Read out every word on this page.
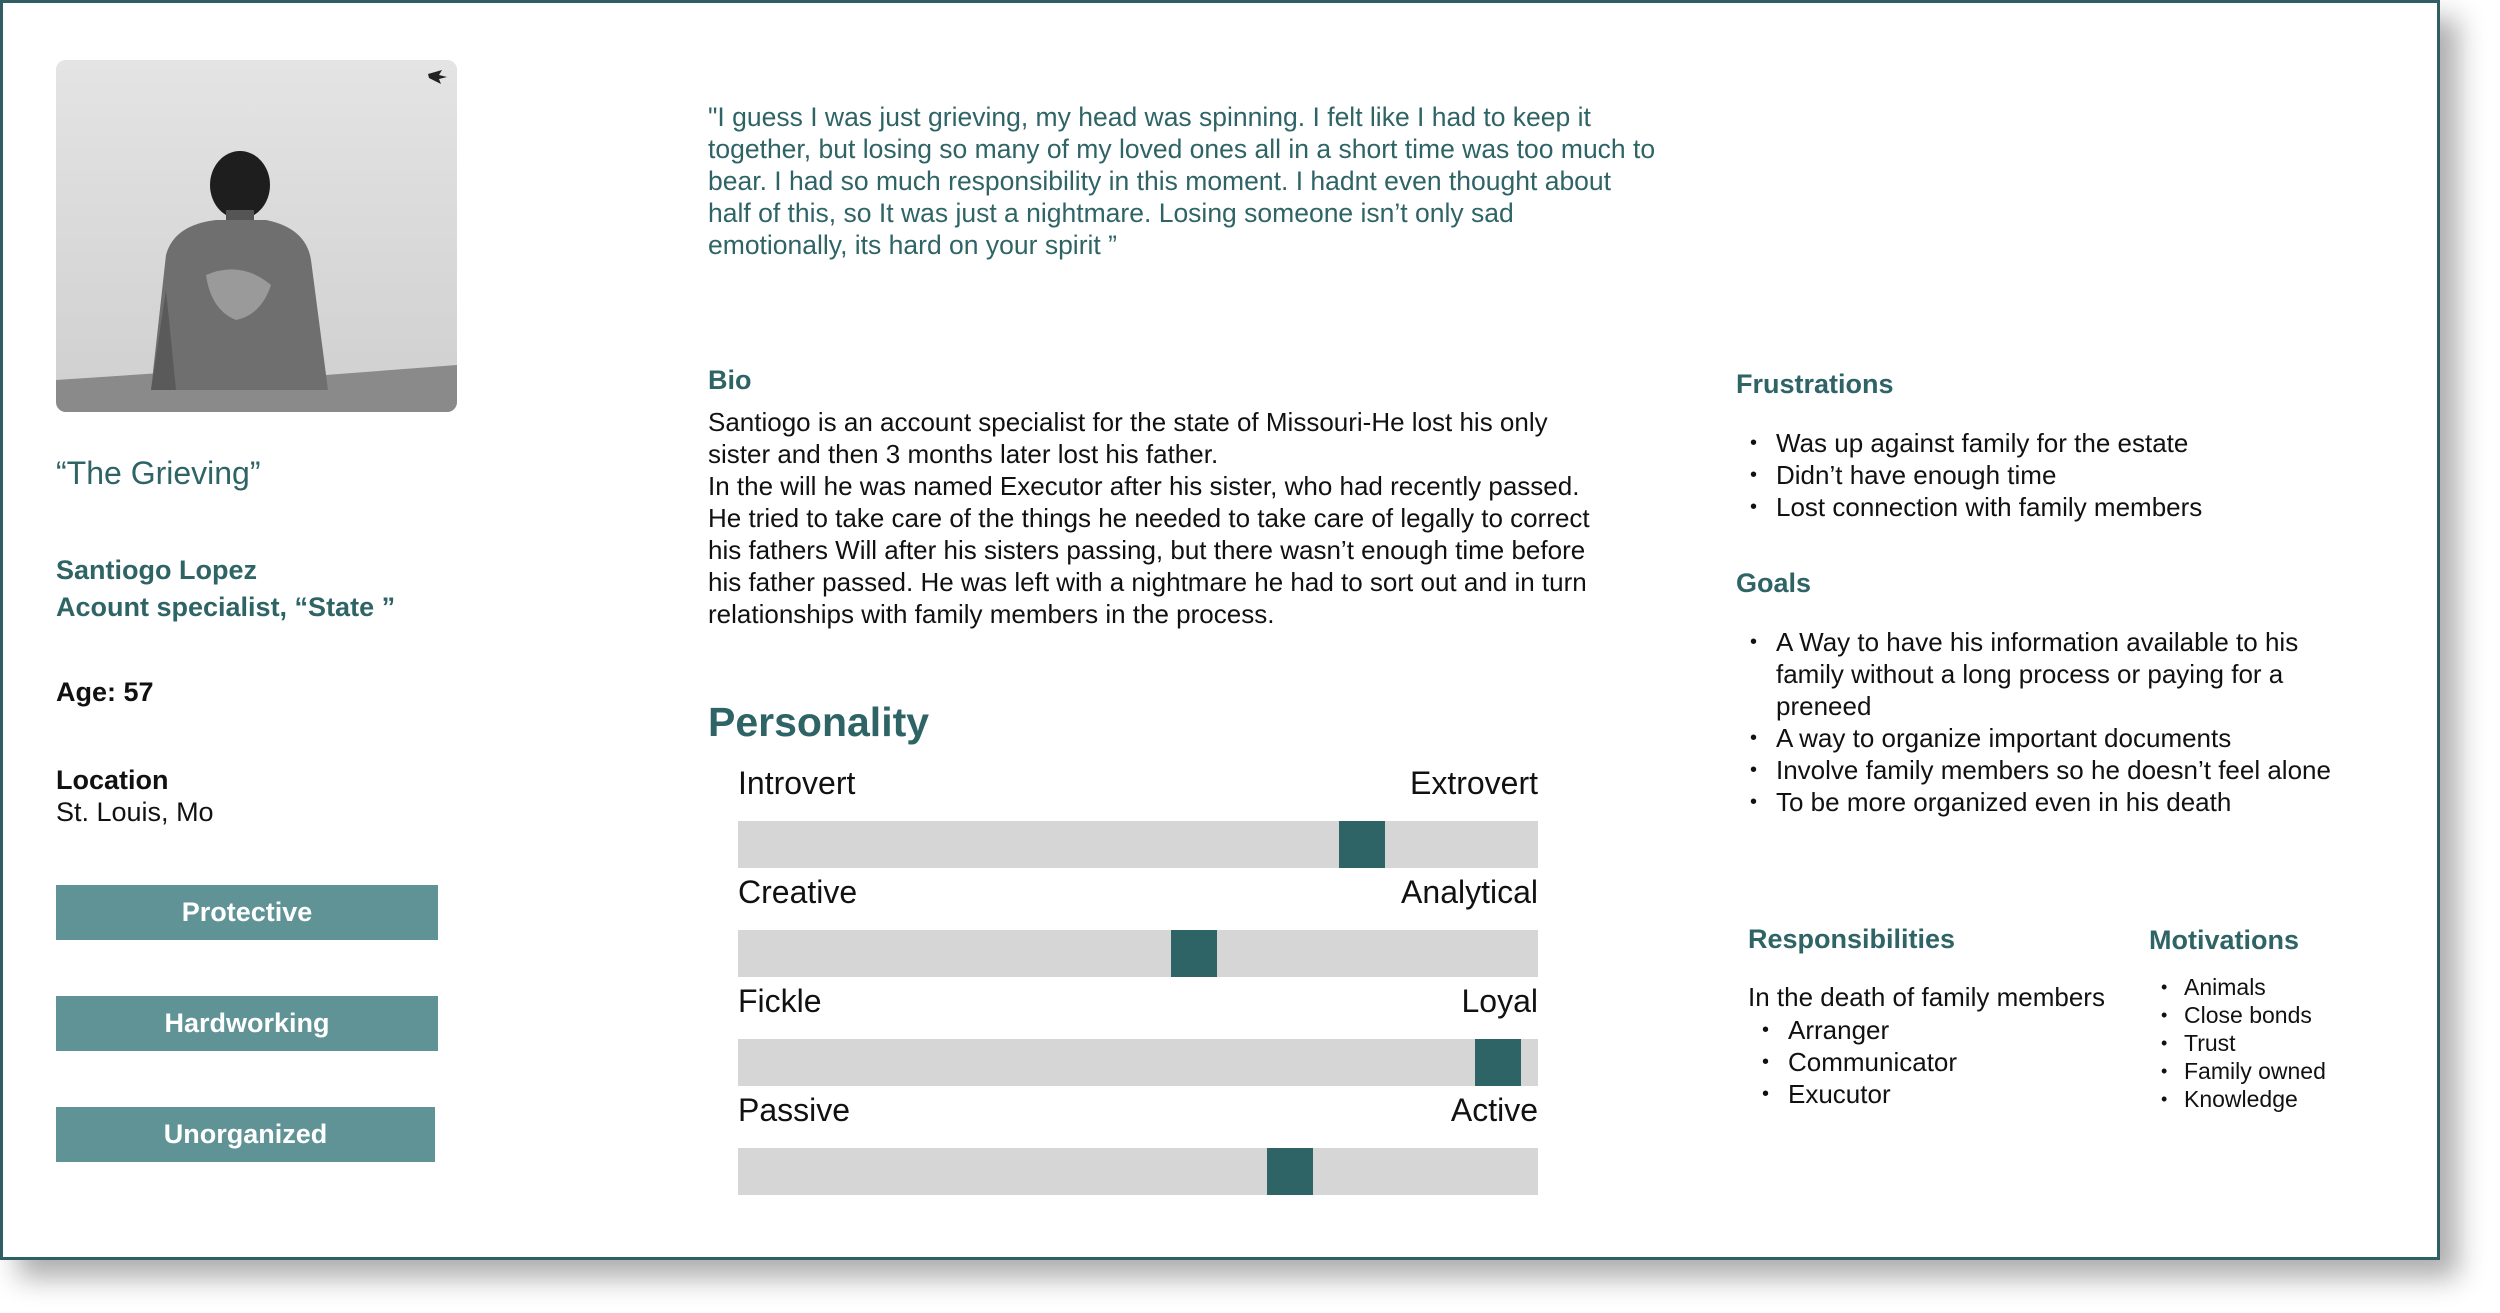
“The Grieving”
Santiogo Lopez
Acount specialist, “State ”
Age: 57
Location
St. Louis, Mo
Protective
Hardworking
Unorganized
"I guess I was just grieving, my head was spinning. I felt like I had to keep it together, but losing so many of my loved ones all in a short time was too much to bear. I had so much responsibility in this moment. I hadnt even thought about half of this, so It was just a nightmare. Losing someone isn’t only sad emotionally, its hard on your spirit ”
Bio

Santiogo is an account specialist for the state of Missouri-He lost his only sister and then 3 months later lost his father.

In the will he was named Executor after his sister, who had recently passed. He tried to take care of the things he needed to take care of legally to correct his fathers Will after his sisters passing, but there wasn’t enough time before his father passed. He was left with a nightmare he had to sort out and in turn relationships with family members in the process.

Personality
Introvert	Extrovert
Creative	Analytical
Fickle	Loyal
Passive	Active
Frustrations
• Was up against family for the estate
• Didn’t have enough time
• Lost connection with family members
Goals
• A Way to have his information available to his family without a long process or paying for a preneed
• A way to organize important documents
• Involve family members so he doesn’t feel alone
• To be more organized even in his death
Responsibilities
In the death of family members
• Arranger
• Communicator
• Exucutor
Motivations
• Animals
• Close bonds
• Trust
• Family owned
• Knowledge
